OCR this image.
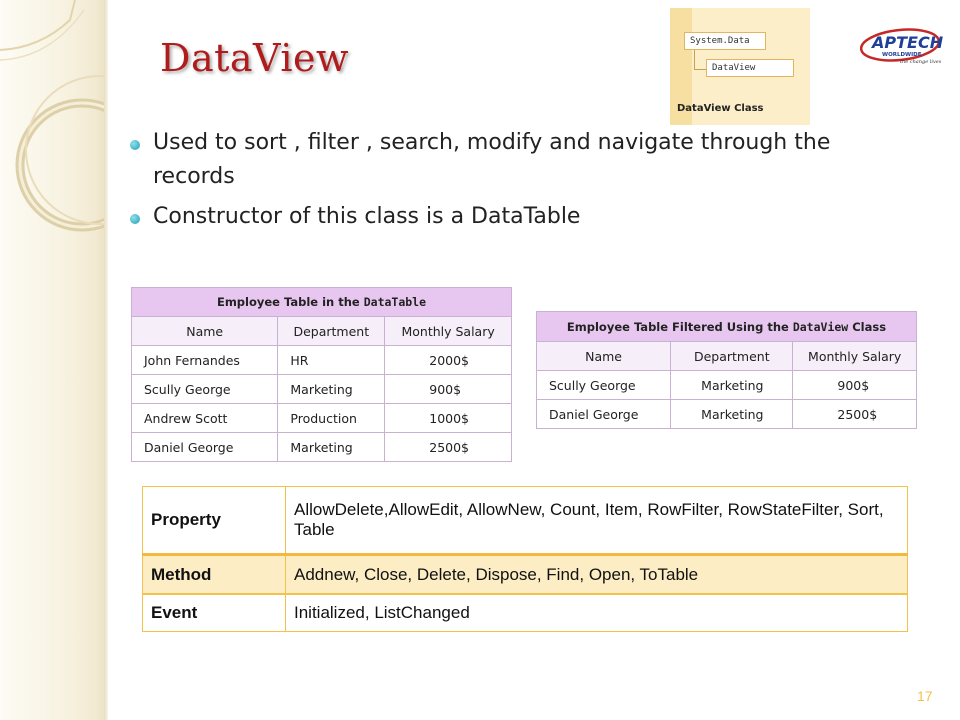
DataView	System.Data
DataView
DataView Class
APTECH
WORLDWIDE
the change lives
Used to sort , filter , search, modify and navigate through the records
Constructor of this class is a DataTable
Employee Table in the DataTable		
Name	Department	Monthly Salary
John Fernandes	HR	2000$
Scully George	Marketing	900$
Andrew Scott	Production	1000$
Daniel George	Marketing	2500$
Employee Table Filtered Using the DataView Class		
Name	Department	Monthly Salary
Scully George	Marketing	900$
Daniel George	Marketing	2500$
Property	AllowDelete,AllowEdit, AllowNew, Count, Item, RowFilter, RowStateFilter, Sort, Table
Method	Addnew, Close, Delete, Dispose, Find, Open, ToTable
Event	Initialized, ListChanged
17
